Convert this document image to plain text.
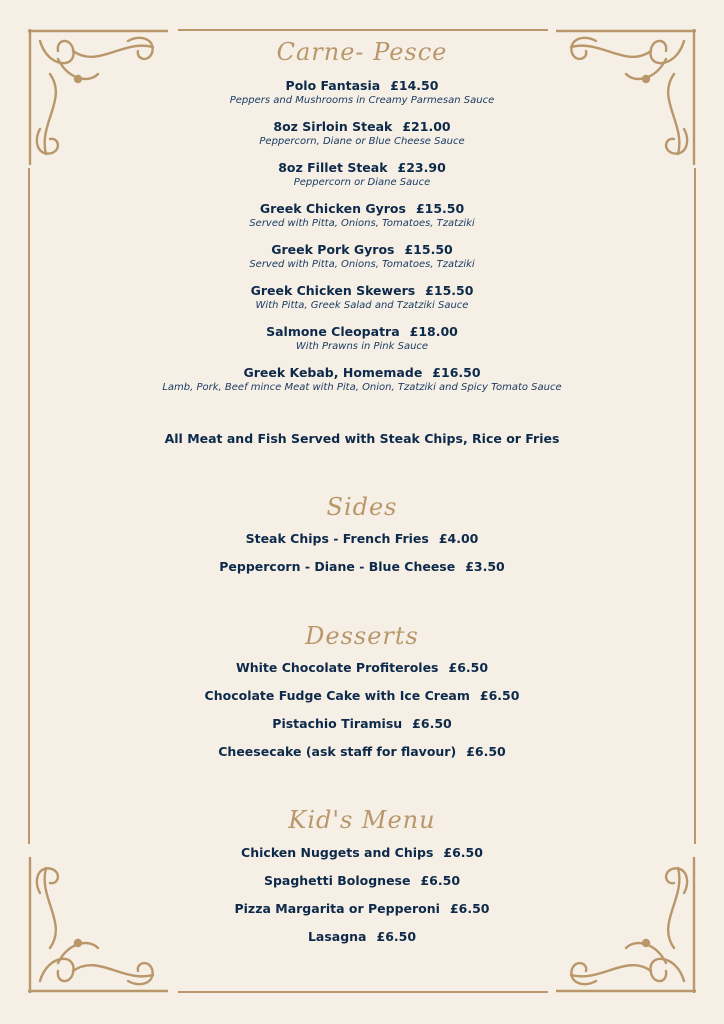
Carne- Pesce
Polo Fantasia £14.50
Peppers and Mushrooms in Creamy Parmesan Sauce
8oz Sirloin Steak £21.00
Peppercorn, Diane or Blue Cheese Sauce
8oz Fillet Steak £23.90
Peppercorn or Diane Sauce
Greek Chicken Gyros £15.50
Served with Pitta, Onions, Tomatoes, Tzatziki
Greek Pork Gyros £15.50
Served with Pitta, Onions, Tomatoes, Tzatziki
Greek Chicken Skewers £15.50
With Pitta, Greek Salad and Tzatziki Sauce
Salmone Cleopatra £18.00
With Prawns in Pink Sauce
Greek Kebab, Homemade £16.50
Lamb, Pork, Beef mince Meat with Pita, Onion, Tzatziki and Spicy Tomato Sauce
All Meat and Fish Served with Steak Chips, Rice or Fries
Sides
Steak Chips - French Fries £4.00
Peppercorn - Diane - Blue Cheese £3.50
Desserts
White Chocolate Profiteroles £6.50
Chocolate Fudge Cake with Ice Cream £6.50
Pistachio Tiramisu £6.50
Cheesecake (ask staff for flavour) £6.50
Kid's Menu
Chicken Nuggets and Chips £6.50
Spaghetti Bolognese £6.50
Pizza Margarita or Pepperoni £6.50
Lasagna £6.50
